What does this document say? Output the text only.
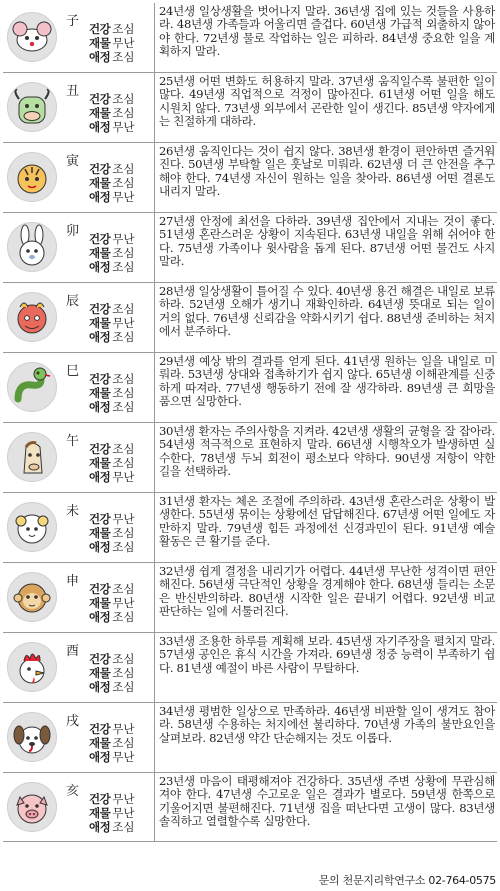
子 건강 조심
재물 무난
애정 조심
24년생 일상생활을 벗어나지 말라. 36년생 집에 있는 것들을 사용하라. 48년생 가족들과 어울리면 즐겁다. 60년생 가급적 외출하지 않아야 한다. 72년생 물로 작업하는 일은 피하라. 84년생 중요한 일을 계획하지 말라.
丑 건강 조심
재물 조심
애정 무난
25년생 어떤 변화도 허용하지 말라. 37년생 움직일수록 불편한 일이 많다. 49년생 직업적으로 걱정이 많아진다. 61년생 어떤 일을 해도 시원치 않다. 73년생 외부에서 곤란한 일이 생긴다. 85년생 약자에게는 친절하게 대하라.
寅 건강 조심
재물 조심
애정 무난
26년생 움직인다는 것이 쉽지 않다. 38년생 환경이 편안하면 즐거워진다. 50년생 부탁할 일은 훗날로 미뤄라. 62년생 더 큰 안전을 추구해야 한다. 74년생 자신이 원하는 일을 찾아라. 86년생 어떤 결론도 내리지 말라.
卯 건강 무난
재물 조심
애정 조심
27년생 안정에 최선을 다하라. 39년생 집안에서 지내는 것이 좋다. 51년생 혼란스러운 상황이 지속된다. 63년생 내일을 위해 쉬어야 한다. 75년생 가족이나 윗사람을 돕게 된다. 87년생 어떤 물건도 사지 말라.
辰 건강 조심
재물 무난
애정 조심
28년생 일상생활이 틀어질 수 있다. 40년생 용건 해결은 내일로 보류하라. 52년생 오해가 생기니 재확인하라. 64년생 뜻대로 되는 일이 거의 없다. 76년생 신뢰감을 약화시키기 쉽다. 88년생 준비하는 처지에서 분주하다.
巳 건강 조심
재물 조심
애정 조심
29년생 예상 밖의 결과를 얻게 된다. 41년생 원하는 일을 내일로 미뤄라. 53년생 상대와 접촉하기가 쉽지 않다. 65년생 이해관계를 신중하게 따져라. 77년생 행동하기 전에 잘 생각하라. 89년생 큰 희망을 품으면 실망한다.
午 건강 조심
재물 조심
애정 무난
30년생 환자는 주의사항을 지켜라. 42년생 생활의 균형을 잘 잡아라. 54년생 적극적으로 표현하지 말라. 66년생 시행착오가 발생하면 실수한다. 78년생 두뇌 회전이 평소보다 약하다. 90년생 저항이 약한 길을 선택하라.
未 건강 무난
재물 조심
애정 조심
31년생 환자는 체온 조절에 주의하라. 43년생 혼란스러운 상황이 발생한다. 55년생 묶이는 상황에선 답답해진다. 67년생 어떤 일에도 자만하지 말라. 79년생 힘든 과정에선 신경과민이 된다. 91년생 예술 활동은 큰 활기를 준다.
申 건강 조심
재물 무난
애정 조심
32년생 쉽게 결정을 내리기가 어렵다. 44년생 무난한 성격이면 편안해진다. 56년생 극단적인 상황을 경계해야 한다. 68년생 들리는 소문은 반신반의하라. 80년생 시작한 일은 끝내기 어렵다. 92년생 비교 판단하는 일에 서툴러진다.
酉 건강 조심
재물 조심
애정 조심
33년생 조용한 하루를 계획해 보라. 45년생 자기주장을 펼치지 말라. 57년생 공인은 휴식 시간을 가져라. 69년생 정중 능력이 부족하기 쉽다. 81년생 예절이 바른 사람이 무탈하다.
戌 건강 무난
재물 조심
애정 무난
34년생 평범한 일상으로 만족하라. 46년생 비판할 일이 생겨도 참아라. 58년생 수용하는 처지에선 불리하다. 70년생 가족의 불만요인을 살펴보라. 82년생 약간 단순해지는 것도 이롭다.
亥 건강 무난
재물 무난
애정 조심
23년생 마음이 태평해져야 건강하다. 35년생 주변 상황에 무관심해져야 한다. 47년생 수고로운 일은 결과가 별로다. 59년생 한쪽으로 기울어지면 불편해진다. 71년생 집을 떠난다면 고생이 많다. 83년생 솔직하고 열렬할수록 실망한다.
문의 천문지리학연구소 02-764-0575
